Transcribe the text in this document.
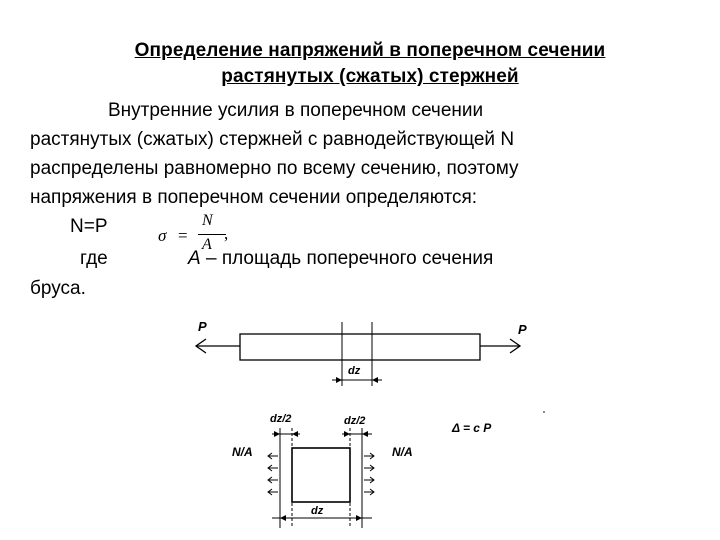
Определение напряжений в поперечном сечении
растянутых (сжатых) стержней

Внутренние усилия в поперечном сечении
растянутых (сжатых) стержней с равнодействующей N
распределены равномерно по всему сечению, поэтому
напряжения в поперечном сечении определяются:

N=P	σ =
N
A
,
где	A – площадь поперечного сечения
бруса.
P	P
dz
dz/2	dz/2
N/A	N/A
dz
Δ = c P
